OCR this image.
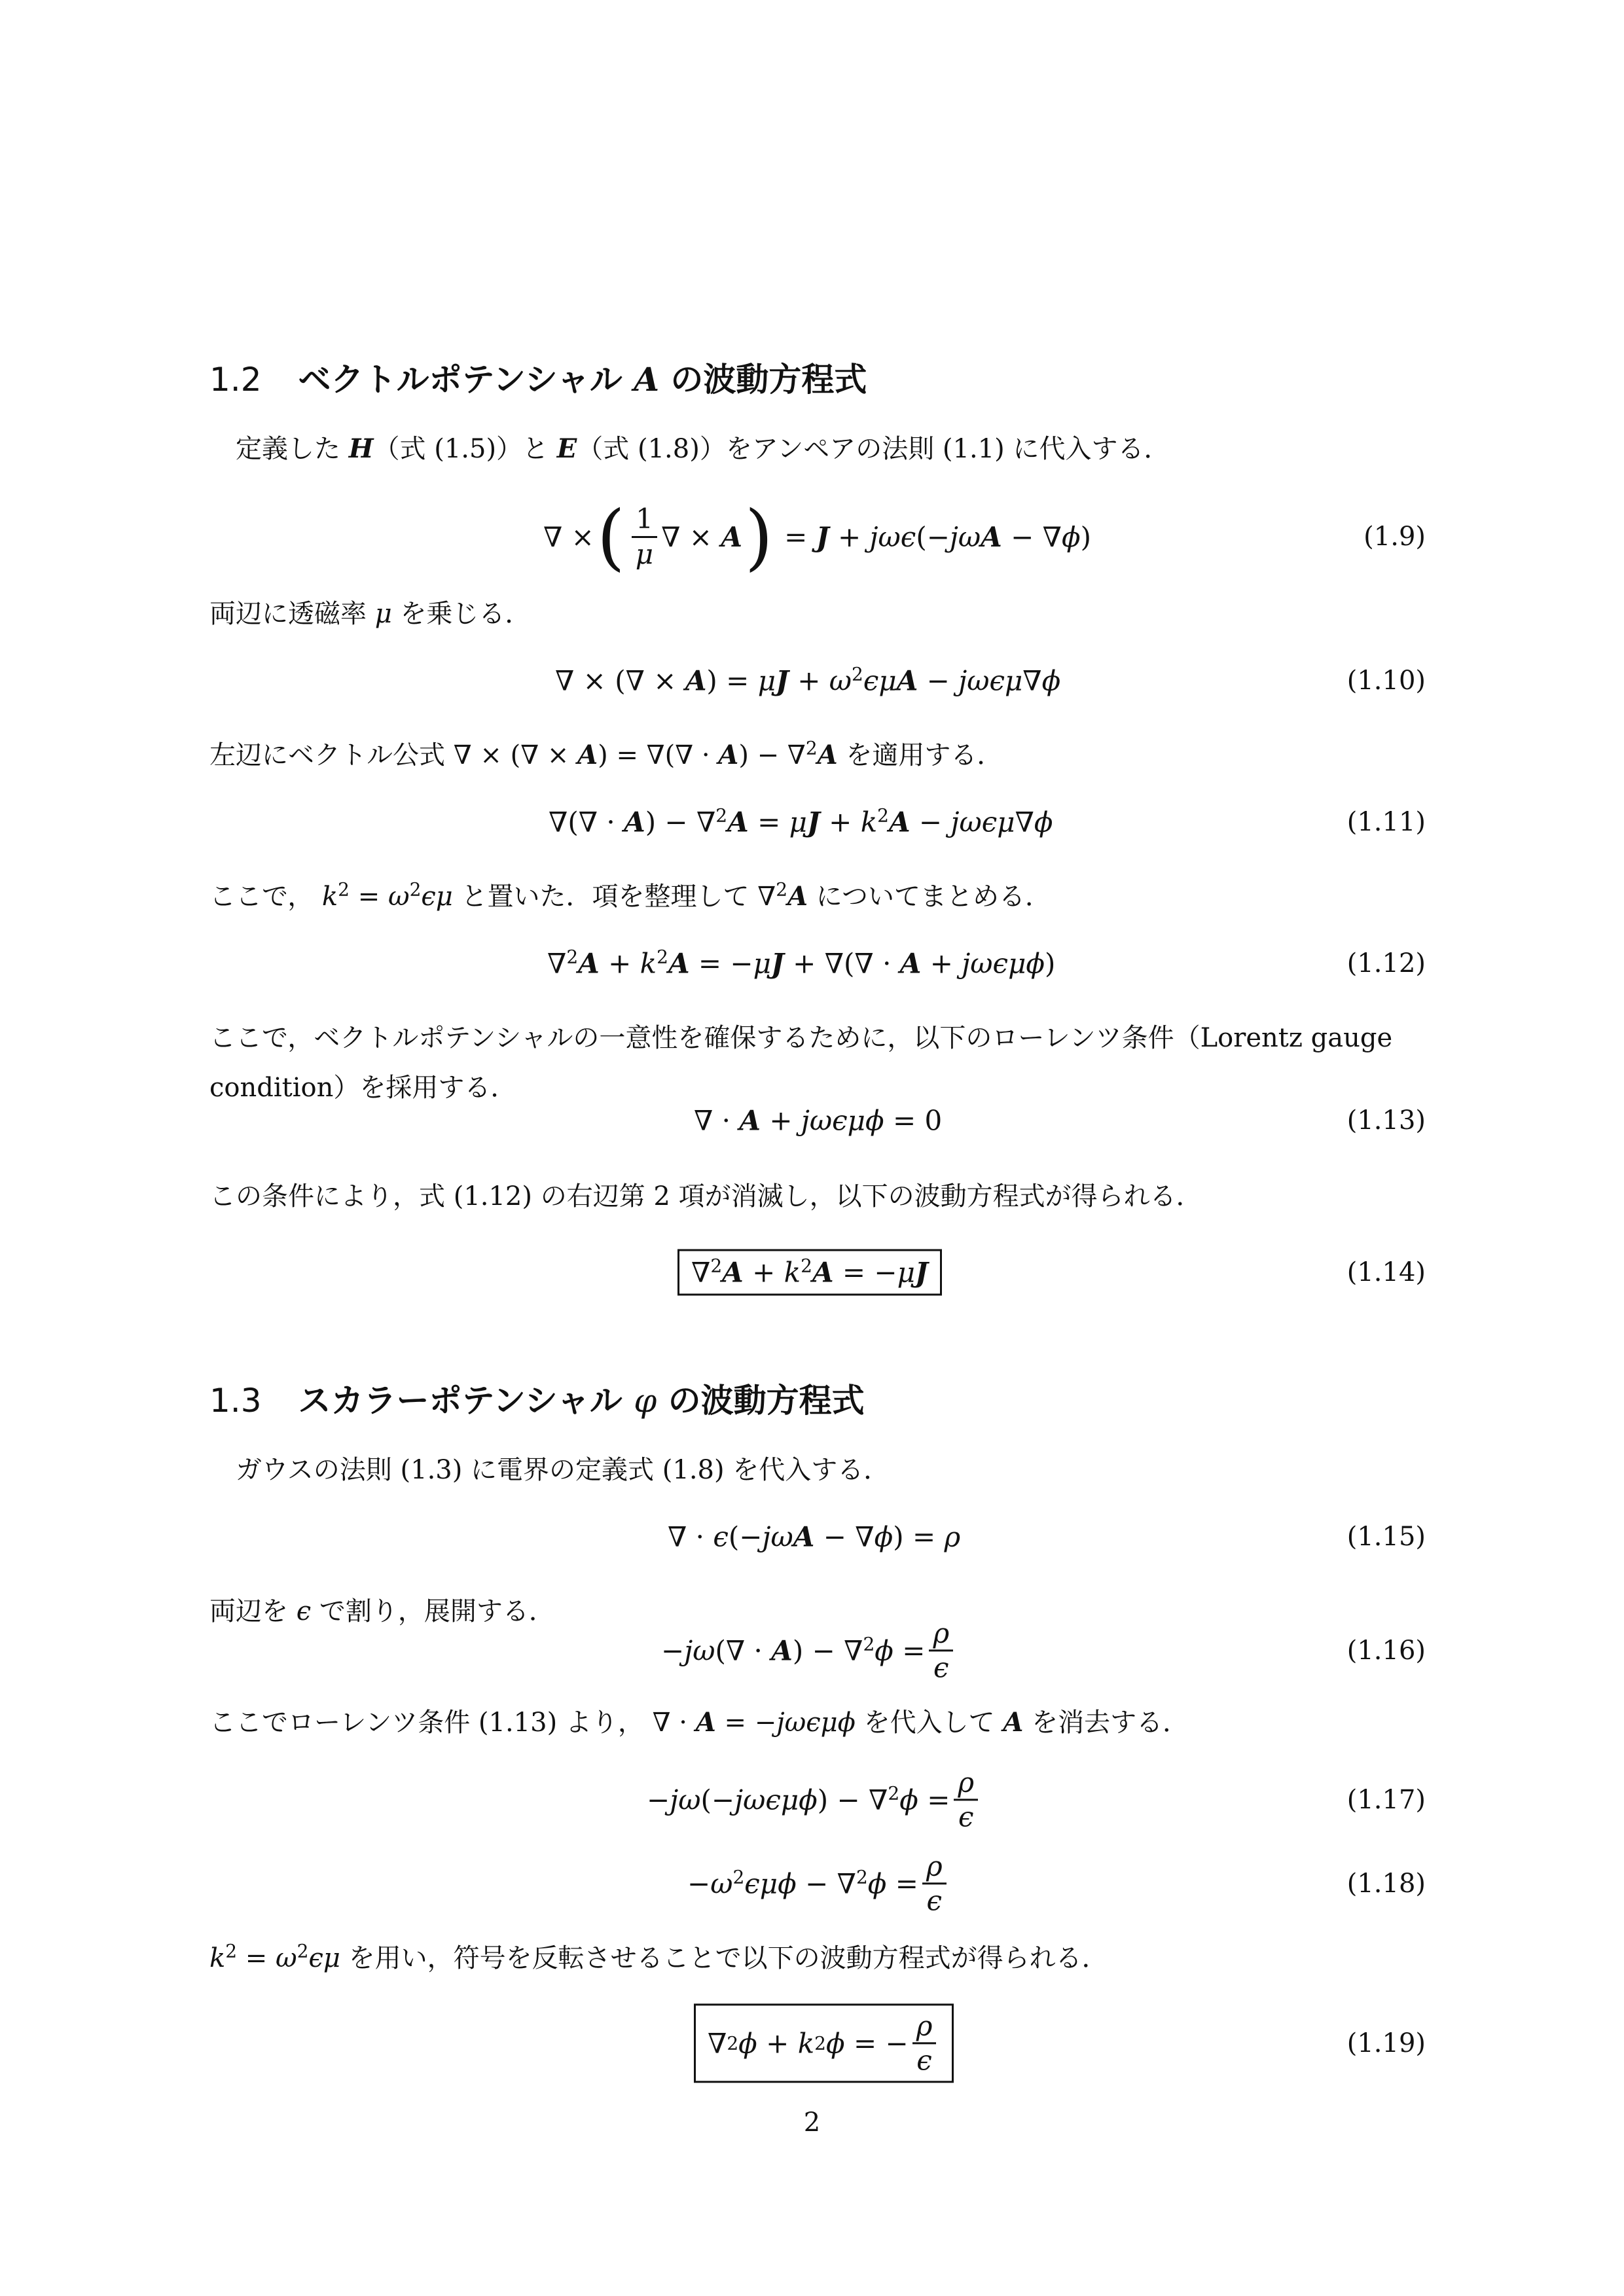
1.2 ベクトルポテンシャル A の波動方程式
定義した H（式 (1.5)）と E（式 (1.8)）をアンペアの法則 (1.1) に代入する．
∇ × ( $\frac{1}{\mu}$ ∇ × A ) = J + jωϵ(−jωA − ∇ϕ)	(1.9)
両辺に透磁率 μ を乗じる．
∇ × (∇ × $A) = \mu J + \omega^2\epsilon\mu A - j\omega\epsilon\mu\nabla\phi$	(1.10)
左辺にベクトル公式 ∇ × (∇ × A) = ∇(∇ · A) − ∇$^2$A を適用する．
∇(∇ · $A) - \nabla^2A = \mu J + k^2A - j\omega\epsilon\mu\nabla\phi$	(1.11)
ここで， $k^2 = \omega^2\epsilon\mu$ と置いた．項を整理して ∇$^2$A についてまとめる．
$\nabla^2A + k^2A = -\mu J$ + ∇(∇ · A + jωϵμϕ)	(1.12)
ここで，ベクトルポテンシャルの一意性を確保するために，以下のローレンツ条件（Lorentz gauge
condition）を採用する．
∇ · A + jωϵμϕ = 0	(1.13)
この条件により，式 (1.12) の右辺第 2 項が消滅し，以下の波動方程式が得られる．
$\nabla^2A + k^2A = -\mu J$	(1.14)
1.3 スカラーポテンシャル φ の波動方程式
ガウスの法則 (1.3) に電界の定義式 (1.8) を代入する．
∇ · ϵ(−jωA − ∇ϕ) = ρ	(1.15)
両辺を ϵ で割り，展開する．
$-j\omega(\nabla \cdot A) - \nabla^2\phi = \frac{\rho}{\epsilon}$	(1.16)
ここでローレンツ条件 (1.13) より， ∇ · A = −jωϵμϕ を代入して A を消去する．
$-j\omega(-j\omega\epsilon\mu\phi) - \nabla^2\phi = \frac{\rho}{\epsilon}$	(1.17)
$-\omega^2\epsilon\mu\phi - \nabla^2\phi = \frac{\rho}{\epsilon}$	(1.18)
$k^2 = \omega^2\epsilon\mu$ を用い，符号を反転させることで以下の波動方程式が得られる．
∇ 2 ϕ + k 2 ϕ = − $\frac{\rho}{\epsilon}$	(1.19)
2
